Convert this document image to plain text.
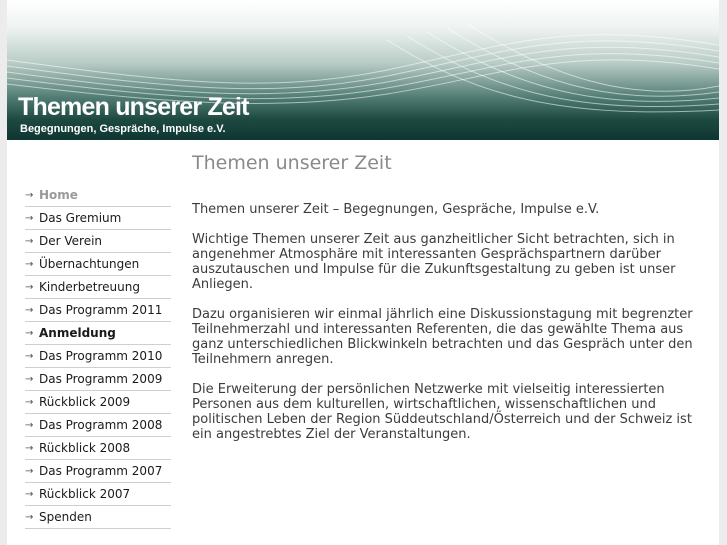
Themen unserer Zeit
Begegnungen, Gespräche, Impulse e.V.
→ Home
→ Das Gremium
→ Der Verein
→ Übernachtungen
→ Kinderbetreuung
→ Das Programm 2011
→ Anmeldung
→ Das Programm 2010
→ Das Programm 2009
→ Rückblick 2009
→ Das Programm 2008
→ Rückblick 2008
→ Das Programm 2007
→ Rückblick 2007
→ Spenden
Themen unserer Zeit

Themen unserer Zeit – Begegnungen, Gespräche, Impulse e.V.

Wichtige Themen unserer Zeit aus ganzheitlicher Sicht betrachten, sich in angenehmer Atmosphäre mit interessanten Gesprächspartnern darüber auszutauschen und Impulse für die Zukunftsgestaltung zu geben ist unser Anliegen.

Dazu organisieren wir einmal jährlich eine Diskussionstagung mit begrenzter Teilnehmerzahl und interessanten Referenten, die das gewählte Thema aus ganz unterschiedlichen Blickwinkeln betrachten und das Gespräch unter den Teilnehmern anregen.

Die Erweiterung der persönlichen Netzwerke mit vielseitig interessierten Personen aus dem kulturellen, wirtschaftlichen, wissenschaftlichen und politischen Leben der Region Süddeutschland/Österreich und der Schweiz ist ein angestrebtes Ziel der Veranstaltungen.
